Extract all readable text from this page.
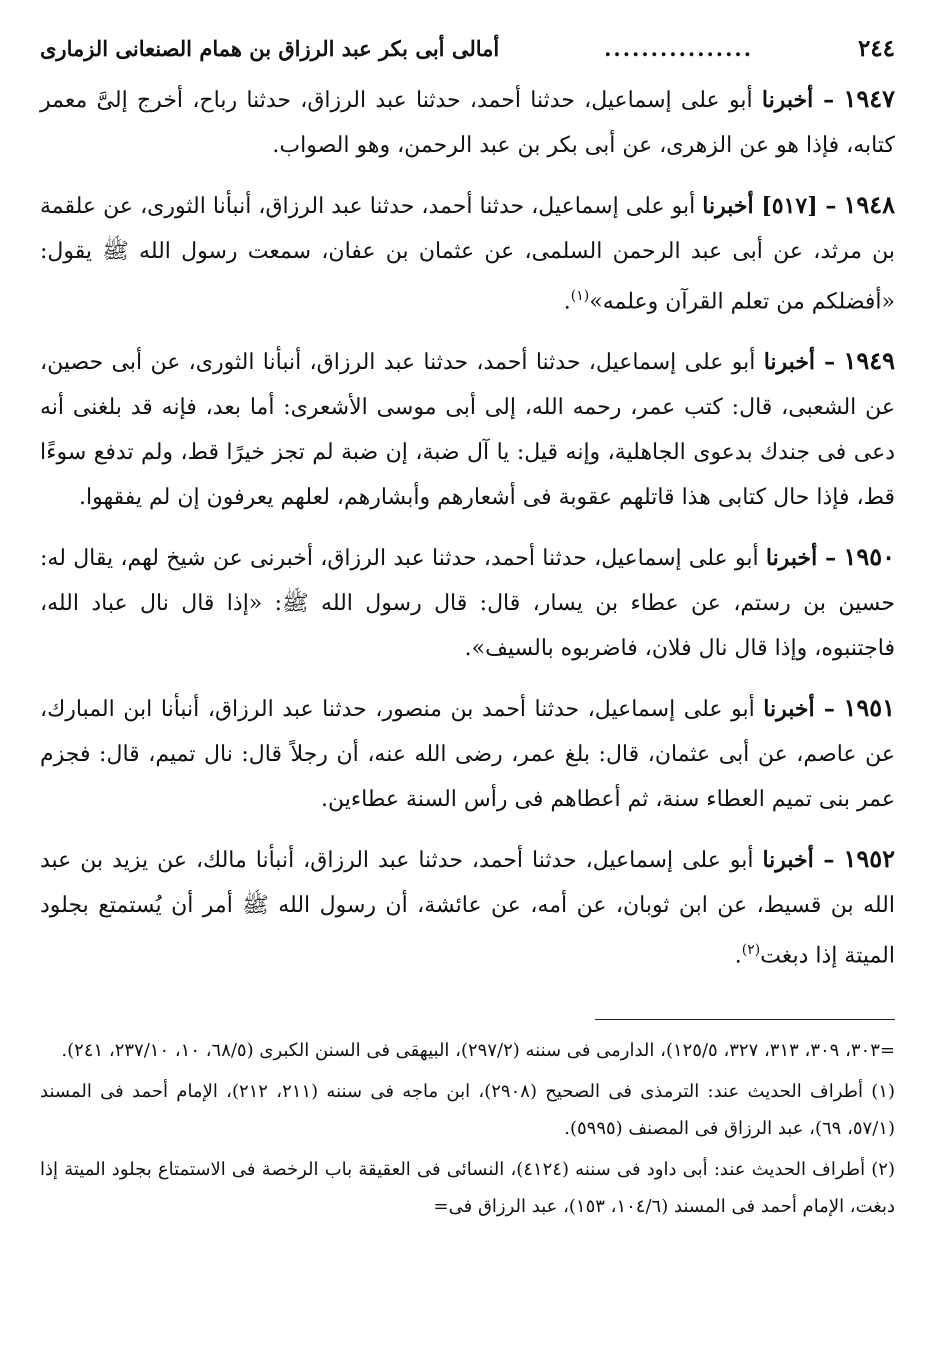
٢٤٤
................
أمالى أبى بكر عبد الرزاق بن همام الصنعانى الزمارى

١٩٤٧ – أخبرنا أبو على إسماعيل، حدثنا أحمد، حدثنا عبد الرزاق، حدثنا رباح، أخرج إلىَّ معمر كتابه، فإذا هو عن الزهرى، عن أبى بكر بن عبد الرحمن، وهو الصواب.

١٩٤٨ – [٥١٧] أخبرنا أبو على إسماعيل، حدثنا أحمد، حدثنا عبد الرزاق، أنبأنا الثورى، عن علقمة بن مرثد، عن أبى عبد الرحمن السلمى، عن عثمان بن عفان، سمعت رسول الله ﷺ يقول: «أفضلكم من تعلم القرآن وعلمه»$^{(١)}$.

١٩٤٩ – أخبرنا أبو على إسماعيل، حدثنا أحمد، حدثنا عبد الرزاق، أنبأنا الثورى، عن أبى حصين، عن الشعبى، قال: كتب عمر، رحمه الله، إلى أبى موسى الأشعرى: أما بعد، فإنه قد بلغنى أنه دعى فى جندك بدعوى الجاهلية، وإنه قيل: يا آل ضبة، إن ضبة لم تجز خيرًا قط، ولم تدفع سوءًا قط، فإذا حال كتابى هذا قاتلهم عقوبة فى أشعارهم وأبشارهم، لعلهم يعرفون إن لم يفقهوا.

١٩٥٠ – أخبرنا أبو على إسماعيل، حدثنا أحمد، حدثنا عبد الرزاق، أخبرنى عن شيخ لهم، يقال له: حسين بن رستم، عن عطاء بن يسار، قال: قال رسول الله ﷺ: «إذا قال نال عباد الله، فاجتنبوه، وإذا قال نال فلان، فاضربوه بالسيف».

١٩٥١ – أخبرنا أبو على إسماعيل، حدثنا أحمد بن منصور، حدثنا عبد الرزاق، أنبأنا ابن المبارك، عن عاصم، عن أبى عثمان، قال: بلغ عمر، رضى الله عنه، أن رجلاً قال: نال تميم، قال: فجزم عمر بنى تميم العطاء سنة، ثم أعطاهم فى رأس السنة عطاءين.

١٩٥٢ – أخبرنا أبو على إسماعيل، حدثنا أحمد، حدثنا عبد الرزاق، أنبأنا مالك، عن يزيد بن عبد الله بن قسيط، عن ابن ثوبان، عن أمه، عن عائشة، أن رسول الله ﷺ أمر أن يُستمتع بجلود الميتة إذا دبغت$^{(٢)}$.

=٣٠٣، ٣٠٩، ٣١٣، ٣٢٧، ١٢٥/٥)، الدارمى فى سننه (٢٩٧/٢)، البيهقى فى السنن الكبرى (٦٨/٥، ١٠، ٢٣٧/١٠، ٢٤١).

(١) أطراف الحديث عند: الترمذى فى الصحيح (٢٩٠٨)، ابن ماجه فى سننه (٢١١، ٢١٢)، الإمام أحمد فى المسند (٥٧/١، ٦٩)، عبد الرزاق فى المصنف (٥٩٩٥).

(٢) أطراف الحديث عند: أبى داود فى سننه (٤١٢٤)، النسائى فى العقيقة باب الرخصة فى الاستمتاع بجلود الميتة إذا دبغت، الإمام أحمد فى المسند (١٠٤/٦، ١٥٣)، عبد الرزاق فى=
